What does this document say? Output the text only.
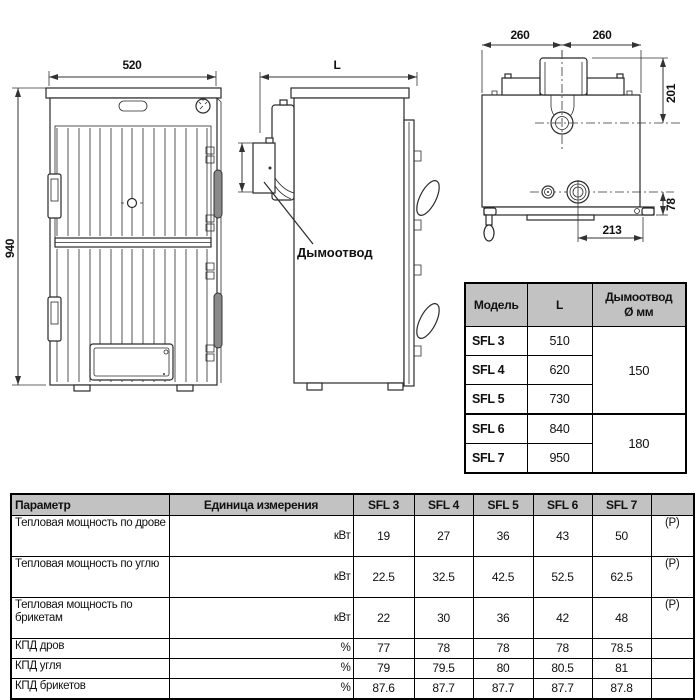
520
940
L
Дымоотвод
260	260
201
78
213
Модель	L	Дымоотвод
Ø мм
SFL 3	510	150
SFL 4	620	
SFL 5	730	
SFL 6	840	180
SFL 7	950	
Параметр	Единица измерения	SFL 3	SFL 4	SFL 5	SFL 6	SFL 7	
Тепловая мощность по дрове	кВт	19	27	36	43	50	(P)
Тепловая мощность по углю	кВт	22.5	32.5	42.5	52.5	62.5	(P)
Тепловая мощность по брикетам	кВт	22	30	36	42	48	(P)
КПД дров	%	77	78	78	78	78.5	
КПД угля	%	79	79.5	80	80.5	81	
КПД брикетов	%	87.6	87.7	87.7	87.7	87.8	
